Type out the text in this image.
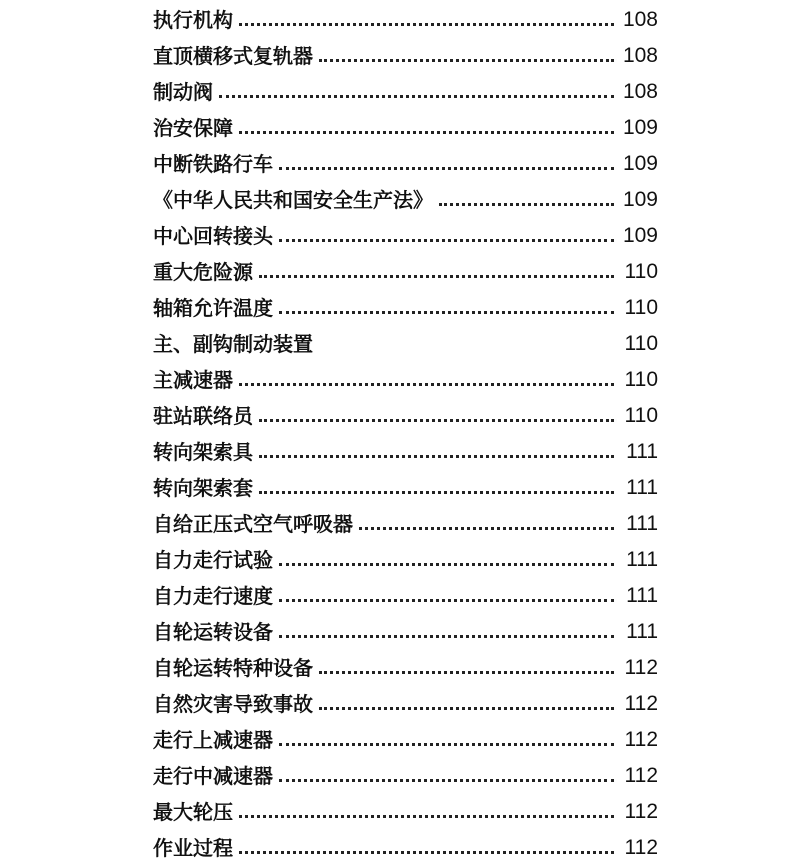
执行机构	108
直顶横移式复轨器	108
制动阀	108
治安保障	109
中断铁路行车	109
《中华人民共和国安全生产法》	109
中心回转接头	109
重大危险源	110
轴箱允许温度	110
主、副钩制动装置	110
主减速器	110
驻站联络员	110
转向架索具	111
转向架索套	111
自给正压式空气呼吸器	111
自力走行试验	111
自力走行速度	111
自轮运转设备	111
自轮运转特种设备	112
自然灾害导致事故	112
走行上减速器	112
走行中减速器	112
最大轮压	112
作业过程	112
